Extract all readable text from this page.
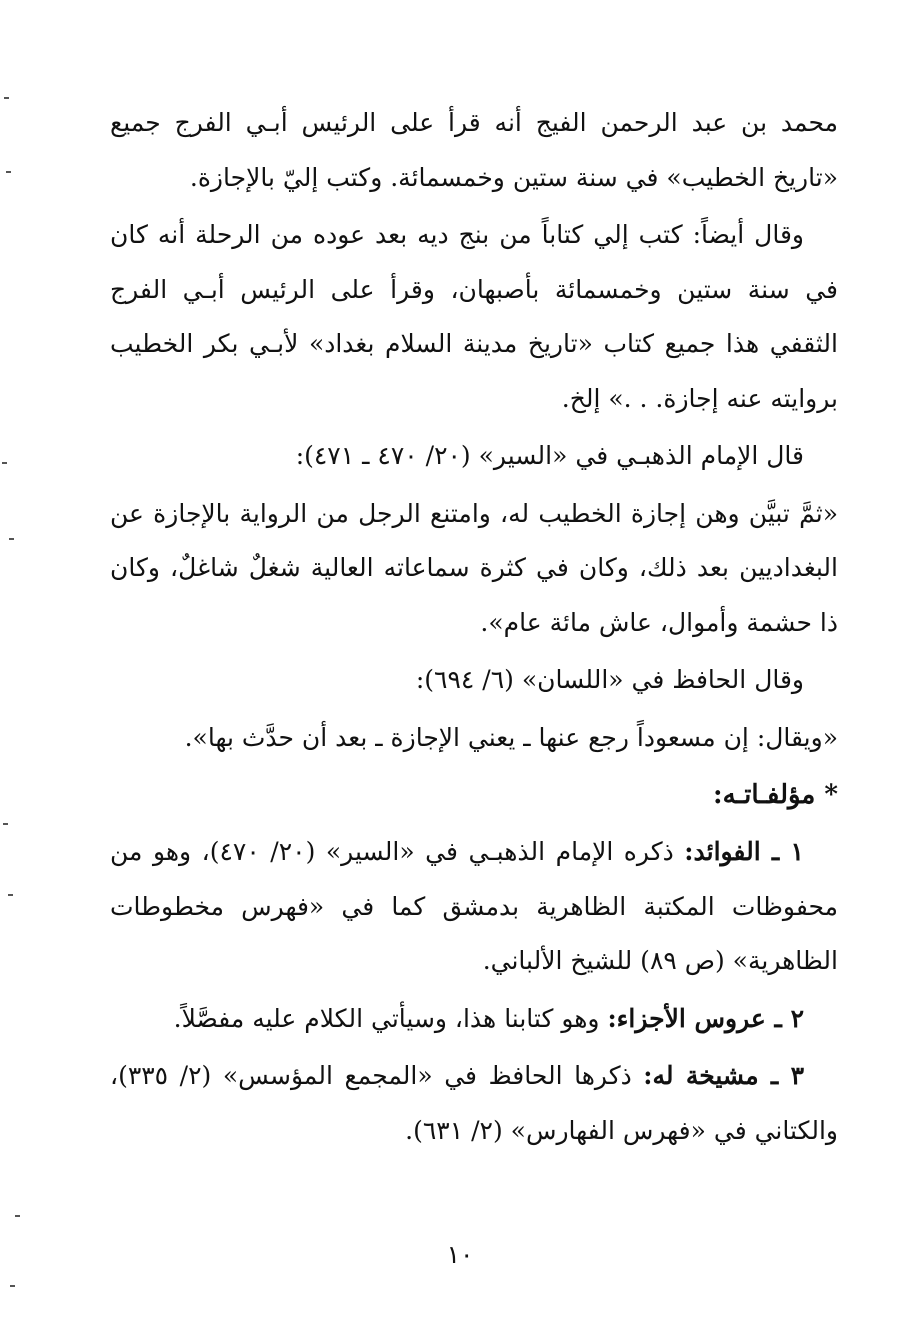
محمد بن عبد الرحمن الفيج أنه قرأ على الرئيس أبـي الفرج جميع «تاريخ الخطيب» في سنة ستين وخمسمائة. وكتب إليّ بالإجازة.

وقال أيضاً: كتب إلي كتاباً من بنج ديه بعد عوده من الرحلة أنه كان في سنة ستين وخمسمائة بأصبهان، وقرأ على الرئيس أبـي الفرج الثقفي هذا جميع كتاب «تاريخ مدينة السلام بغداد» لأبـي بكر الخطيب بروايته عنه إجازة. . .» إلخ.

قال الإمام الذهبـي في «السير» (٢٠/ ٤٧٠ ـ ٤٧١):

«ثمَّ تبيَّن وهن إجازة الخطيب له، وامتنع الرجل من الرواية بالإجازة عن البغداديين بعد ذلك، وكان في كثرة سماعاته العالية شغلٌ شاغلٌ، وكان ذا حشمة وأموال، عاش مائة عام».

وقال الحافظ في «اللسان» (٦/ ٦٩٤):

«ويقال: إن مسعوداً رجع عنها ـ يعني الإجازة ـ بعد أن حدَّث بها».

* مؤلفـاتـه:

١ ـ الفوائد: ذكره الإمام الذهبـي في «السير» (٢٠/ ٤٧٠)، وهو من محفوظات المكتبة الظاهرية بدمشق كما في «فهرس مخطوطات الظاهرية» (ص ٨٩) للشيخ الألباني.

٢ ـ عروس الأجزاء: وهو كتابنا هذا، وسيأتي الكلام عليه مفصَّلاً.

٣ ـ مشيخة له: ذكرها الحافظ في «المجمع المؤسس» (٢/ ٣٣٥)، والكتاني في «فهرس الفهارس» (٢/ ٦٣١).

١٠
